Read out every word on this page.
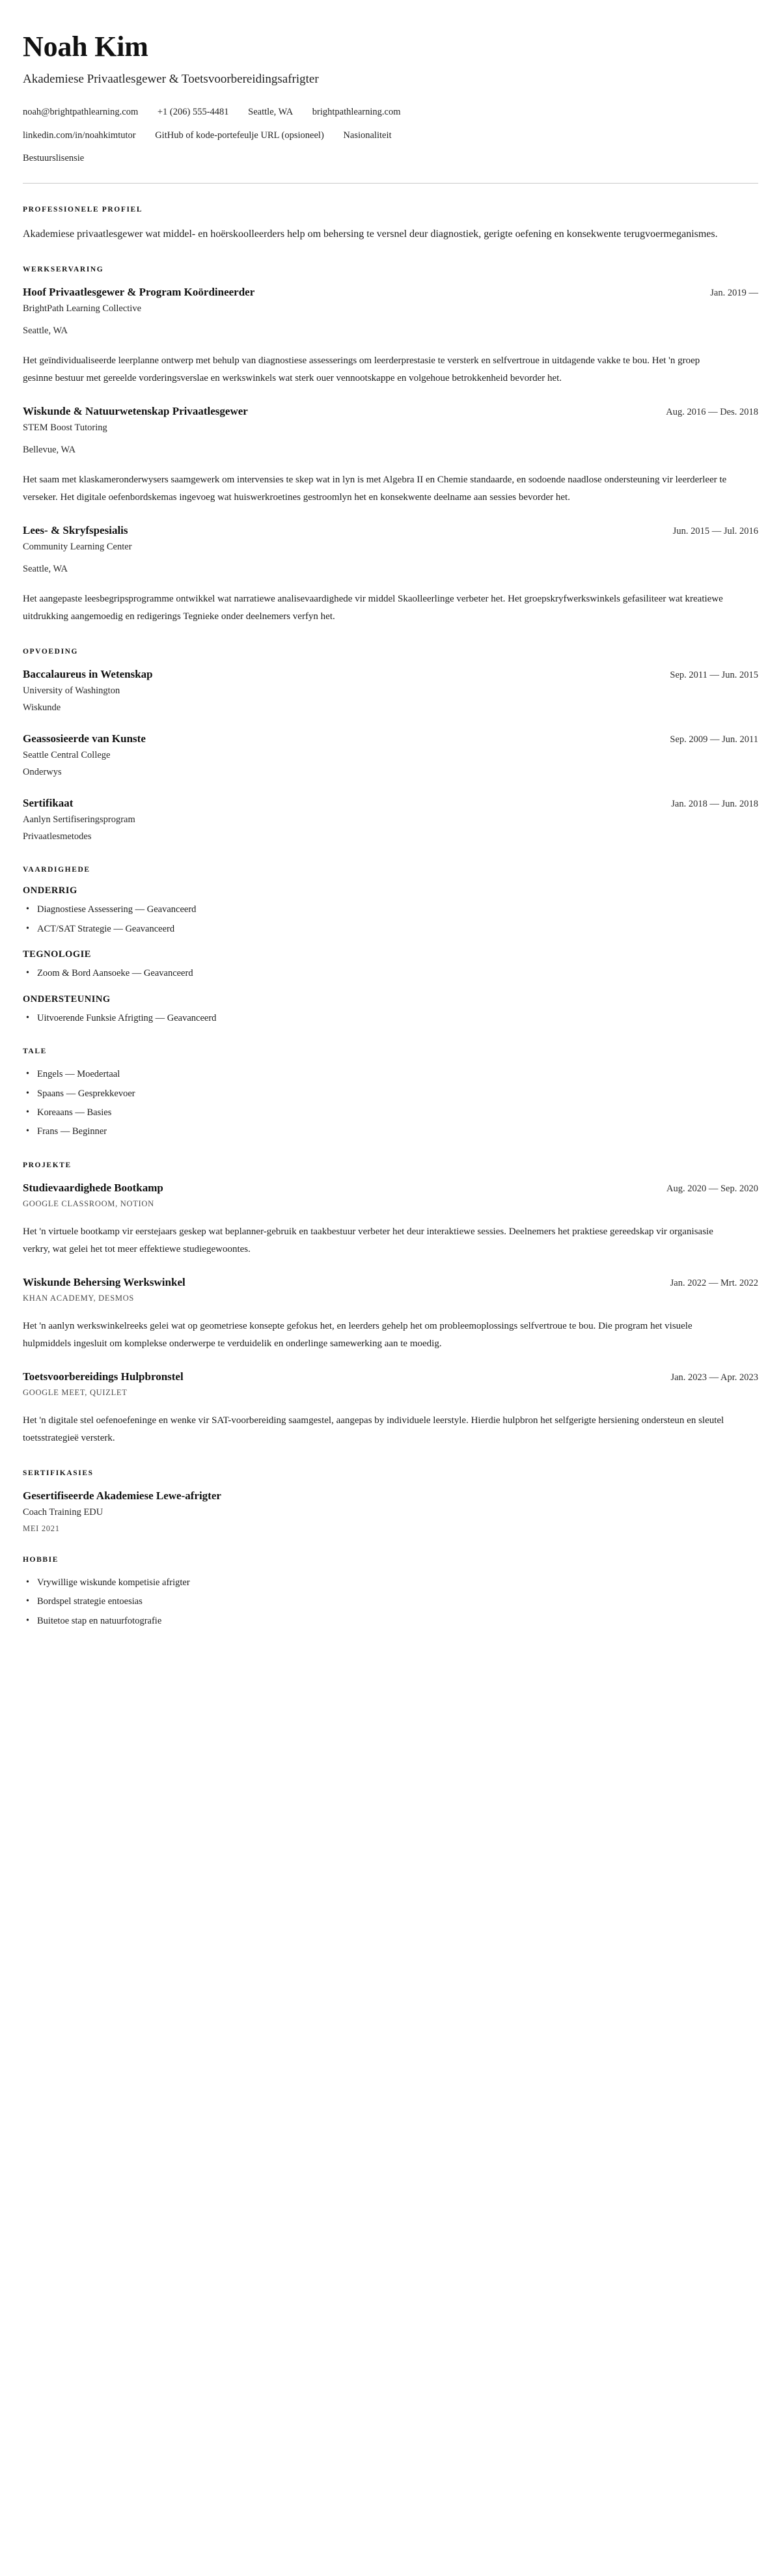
Noah Kim
Akademiese Privaatlesgewer & Toetsvoorbereidingsafrigter
noah@brightpathlearning.com +1 (206) 555-4481 Seattle, WA brightpathlearning.com
linkedin.com/in/noahkimtutor GitHub of kode-portefeulje URL (opsioneel) Nasionaliteit
Bestuurslisensie
PROFESSIONELE PROFIEL

Akademiese privaatlesgewer wat middel- en hoërskoolleerders help om behersing te versnel deur diagnostiek, gerigte oefening en konsekwente terugvoermeganismes.

WERKSERVARING
Hoof Privaatlesgewer & Program Koördineerder	Jan. 2019 —
BrightPath Learning Collective
Seattle, WA

Het geïndividualiseerde leerplanne ontwerp met behulp van diagnostiese assesserings om leerderprestasie te versterk en selfvertroue in uitdagende vakke te bou. Het 'n groep gesinne bestuur met gereelde vorderingsverslae en werkswinkels wat sterk ouer vennootskappe en volgehoue betrokkenheid bevorder het.

Wiskunde & Natuurwetenskap Privaatlesgewer	Aug. 2016 — Des. 2018
STEM Boost Tutoring
Bellevue, WA

Het saam met klaskameronderwysers saamgewerk om intervensies te skep wat in lyn is met Algebra II en Chemie standaarde, en sodoende naadlose ondersteuning vir leerderleer te verseker. Het digitale oefenbordskemas ingevoeg wat huiswerkroetines gestroomlyn het en konsekwente deelname aan sessies bevorder het.

Lees- & Skryfspesialis	Jun. 2015 — Jul. 2016
Community Learning Center
Seattle, WA

Het aangepaste leesbegripsprogramme ontwikkel wat narratiewe analisevaardighede vir middel Skaolleerlinge verbeter het. Het groepskryfwerkswinkels gefasiliteer wat kreatiewe uitdrukking aangemoedig en redigerings Tegnieke onder deelnemers verfyn het.

OPVOEDING
Baccalaureus in Wetenskap	Sep. 2011 — Jun. 2015
University of Washington
Wiskunde
Geassosieerde van Kunste	Sep. 2009 — Jun. 2011
Seattle Central College
Onderwys
Sertifikaat	Jan. 2018 — Jun. 2018
Aanlyn Sertifiseringsprogram
Privaatlesmetodes
VAARDIGHEDE
ONDERRIG
• Diagnostiese Assessering — Geavanceerd
• ACT/SAT Strategie — Geavanceerd
TEGNOLOGIE
• Zoom & Bord Aansoeke — Geavanceerd
ONDERSTEUNING
• Uitvoerende Funksie Afrigting — Geavanceerd
TALE
• Engels — Moedertaal
• Spaans — Gesprekkevoer
• Koreaans — Basies
• Frans — Beginner
PROJEKTE
Studievaardighede Bootkamp	Aug. 2020 — Sep. 2020
GOOGLE CLASSROOM, NOTION

Het 'n virtuele bootkamp vir eerstejaars geskep wat beplanner-gebruik en taakbestuur verbeter het deur interaktiewe sessies. Deelnemers het praktiese gereedskap vir organisasie verkry, wat gelei het tot meer effektiewe studiegewoontes.

Wiskunde Behersing Werkswinkel	Jan. 2022 — Mrt. 2022
KHAN ACADEMY, DESMOS

Het 'n aanlyn werkswinkelreeks gelei wat op geometriese konsepte gefokus het, en leerders gehelp het om probleemoplossings selfvertroue te bou. Die program het visuele hulpmiddels ingesluit om komplekse onderwerpe te verduidelik en onderlinge samewerking aan te moedig.

Toetsvoorbereidings Hulpbronstel	Jan. 2023 — Apr. 2023
GOOGLE MEET, QUIZLET

Het 'n digitale stel oefenoefeninge en wenke vir SAT-voorbereiding saamgestel, aangepas by individuele leerstyle. Hierdie hulpbron het selfgerigte hersiening ondersteun en sleutel toetsstrategieë versterk.

SERTIFIKASIES
Gesertifiseerde Akademiese Lewe-afrigter
Coach Training EDU
MEI 2021
HOBBIE
• Vrywillige wiskunde kompetisie afrigter
• Bordspel strategie entoesias
• Buitetoe stap en natuurfotografie
